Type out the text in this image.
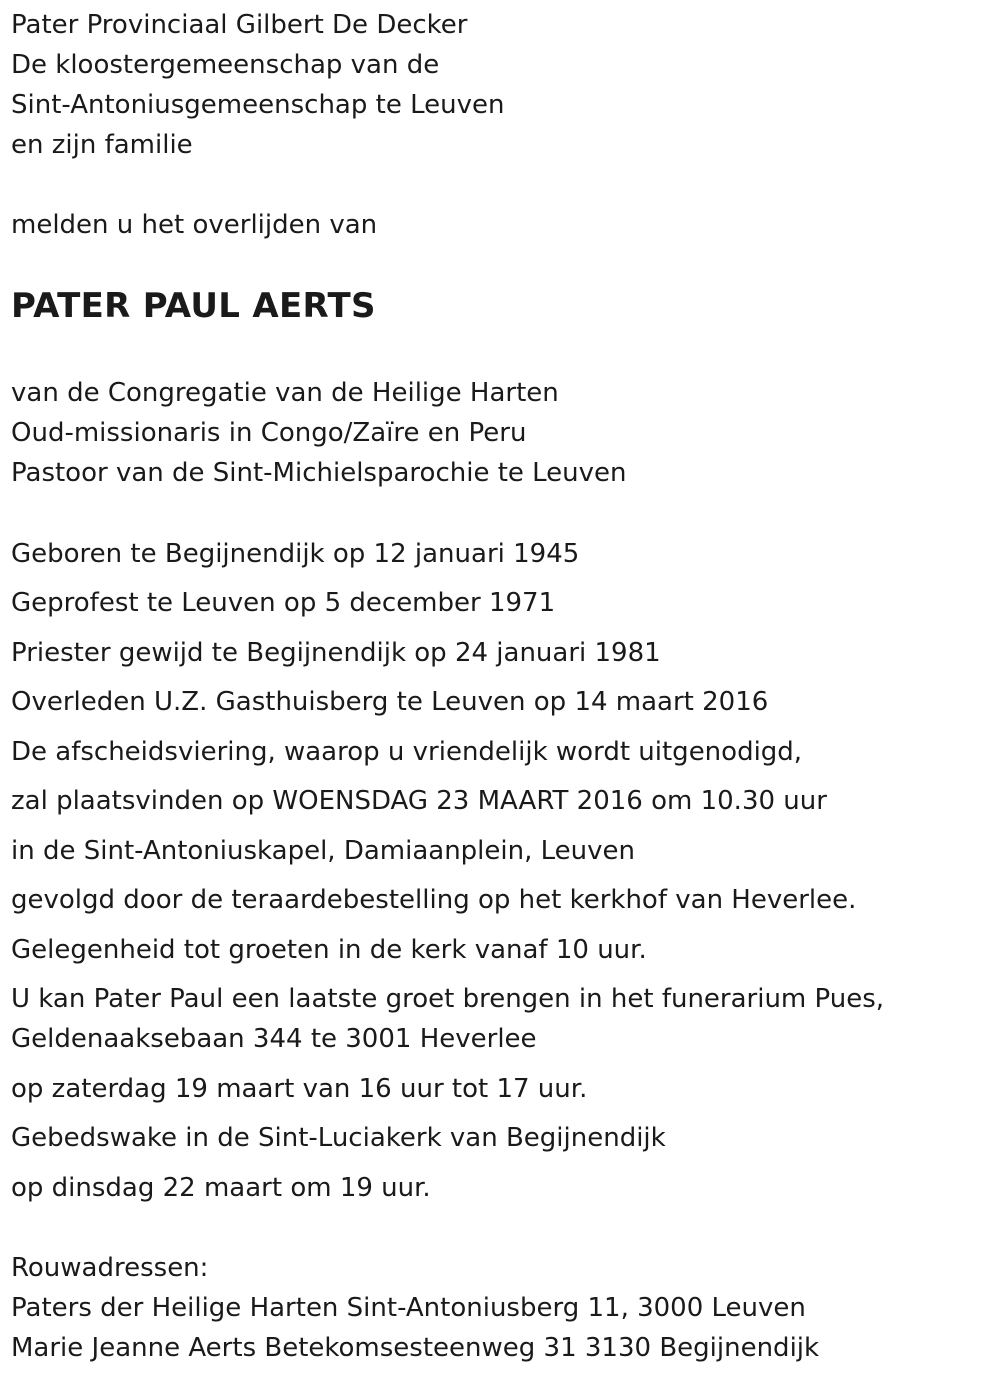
Pater Provinciaal Gilbert De Decker
De kloostergemeenschap van de
Sint-Antoniusgemeenschap te Leuven
en zijn familie
melden u het overlijden van
PATER PAUL AERTS
van de Congregatie van de Heilige Harten
Oud-missionaris in Congo/Zaïre en Peru
Pastoor van de Sint-Michielsparochie te Leuven
Geboren te Begijnendijk op 12 januari 1945
Geprofest te Leuven op 5 december 1971
Priester gewijd te Begijnendijk op 24 januari 1981
Overleden U.Z. Gasthuisberg te Leuven op 14 maart 2016
De afscheidsviering, waarop u vriendelijk wordt uitgenodigd,
zal plaatsvinden op WOENSDAG 23 MAART 2016 om 10.30 uur
in de Sint-Antoniuskapel, Damiaanplein, Leuven
gevolgd door de teraardebestelling op het kerkhof van Heverlee.
Gelegenheid tot groeten in de kerk vanaf 10 uur.
U kan Pater Paul een laatste groet brengen in het funerarium Pues,
Geldenaaksebaan 344 te 3001 Heverlee
op zaterdag 19 maart van 16 uur tot 17 uur.
Gebedswake in de Sint-Luciakerk van Begijnendijk
op dinsdag 22 maart om 19 uur.
Rouwadressen:
Paters der Heilige Harten Sint-Antoniusberg 11, 3000 Leuven
Marie Jeanne Aerts Betekomsesteenweg 31 3130 Begijnendijk
